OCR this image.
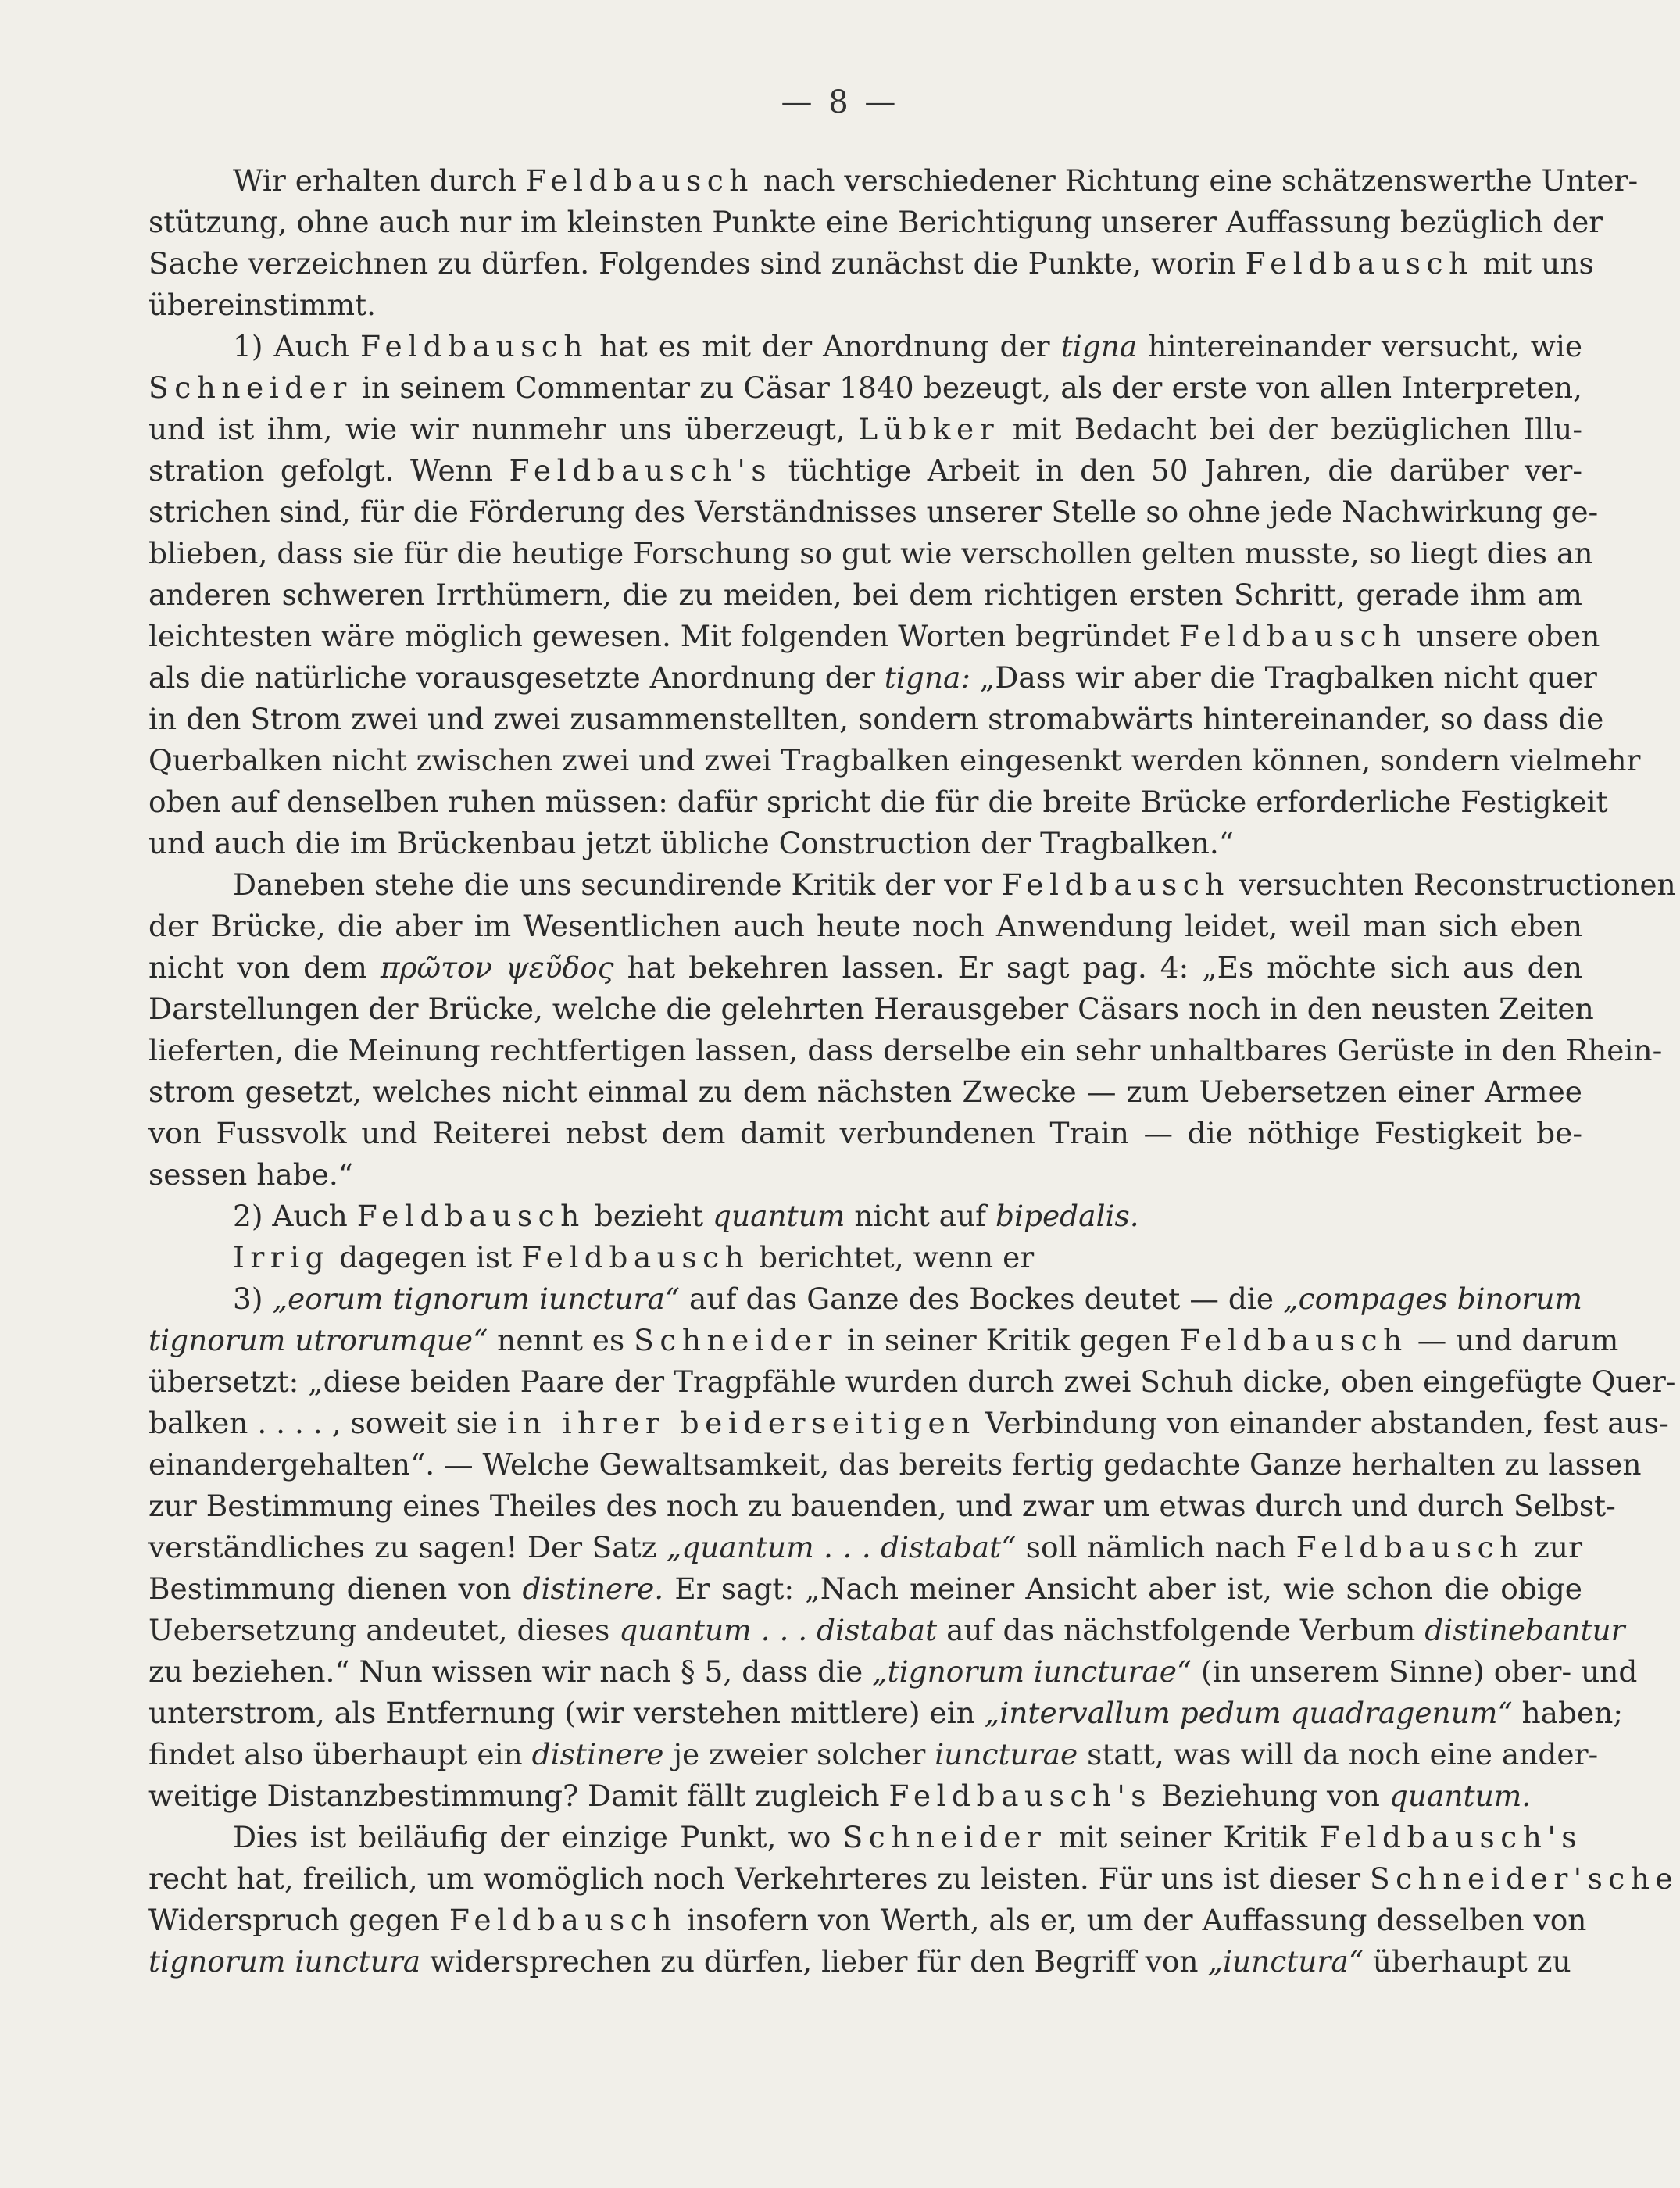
— 8 —
Wir erhalten durch Feldbausch nach verschiedener Richtung eine schätzenswerthe Unter-
stützung, ohne auch nur im kleinsten Punkte eine Berichtigung unserer Auffassung bezüglich der
Sache verzeichnen zu dürfen. Folgendes sind zunächst die Punkte, worin Feldbausch mit uns
übereinstimmt.
1) Auch Feldbausch hat es mit der Anordnung der tigna hintereinander versucht, wie
Schneider in seinem Commentar zu Cäsar 1840 bezeugt, als der erste von allen Interpreten,
und ist ihm, wie wir nunmehr uns überzeugt, Lübker mit Bedacht bei der bezüglichen Illu-
stration gefolgt. Wenn Feldbausch's tüchtige Arbeit in den 50 Jahren, die darüber ver-
strichen sind, für die Förderung des Verständnisses unserer Stelle so ohne jede Nachwirkung ge-
blieben, dass sie für die heutige Forschung so gut wie verschollen gelten musste, so liegt dies an
anderen schweren Irrthümern, die zu meiden, bei dem richtigen ersten Schritt, gerade ihm am
leichtesten wäre möglich gewesen. Mit folgenden Worten begründet Feldbausch unsere oben
als die natürliche vorausgesetzte Anordnung der tigna: „Dass wir aber die Tragbalken nicht quer
in den Strom zwei und zwei zusammenstellten, sondern stromabwärts hintereinander, so dass die
Querbalken nicht zwischen zwei und zwei Tragbalken eingesenkt werden können, sondern vielmehr
oben auf denselben ruhen müssen: dafür spricht die für die breite Brücke erforderliche Festigkeit
und auch die im Brückenbau jetzt übliche Construction der Tragbalken.“
Daneben stehe die uns secundirende Kritik der vor Feldbausch versuchten Reconstructionen
der Brücke, die aber im Wesentlichen auch heute noch Anwendung leidet, weil man sich eben
nicht von dem πρῶτον ψεῦδος hat bekehren lassen. Er sagt pag. 4: „Es möchte sich aus den
Darstellungen der Brücke, welche die gelehrten Herausgeber Cäsars noch in den neusten Zeiten
lieferten, die Meinung rechtfertigen lassen, dass derselbe ein sehr unhaltbares Gerüste in den Rhein-
strom gesetzt, welches nicht einmal zu dem nächsten Zwecke — zum Uebersetzen einer Armee
von Fussvolk und Reiterei nebst dem damit verbundenen Train — die nöthige Festigkeit be-
sessen habe.“
2) Auch Feldbausch bezieht quantum nicht auf bipedalis.
Irrig dagegen ist Feldbausch berichtet, wenn er
3) „eorum tignorum iunctura“ auf das Ganze des Bockes deutet — die „compages binorum
tignorum utrorumque“ nennt es Schneider in seiner Kritik gegen Feldbausch — und darum
übersetzt: „diese beiden Paare der Tragpfähle wurden durch zwei Schuh dicke, oben eingefügte Quer-
balken . . . . , soweit sie in ihrer beiderseitigen Verbindung von einander abstanden, fest aus-
einandergehalten“. — Welche Gewaltsamkeit, das bereits fertig gedachte Ganze herhalten zu lassen
zur Bestimmung eines Theiles des noch zu bauenden, und zwar um etwas durch und durch Selbst-
verständliches zu sagen! Der Satz „quantum . . . distabat“ soll nämlich nach Feldbausch zur
Bestimmung dienen von distinere. Er sagt: „Nach meiner Ansicht aber ist, wie schon die obige
Uebersetzung andeutet, dieses quantum . . . distabat auf das nächstfolgende Verbum distinebantur
zu beziehen.“ Nun wissen wir nach § 5, dass die „tignorum iuncturae“ (in unserem Sinne) ober- und
unterstrom, als Entfernung (wir verstehen mittlere) ein „intervallum pedum quadragenum“ haben;
findet also überhaupt ein distinere je zweier solcher iuncturae statt, was will da noch eine ander-
weitige Distanzbestimmung? Damit fällt zugleich Feldbausch's Beziehung von quantum.
Dies ist beiläufig der einzige Punkt, wo Schneider mit seiner Kritik Feldbausch's
recht hat, freilich, um womöglich noch Verkehrteres zu leisten. Für uns ist dieser Schneider'sche
Widerspruch gegen Feldbausch insofern von Werth, als er, um der Auffassung desselben von
tignorum iunctura widersprechen zu dürfen, lieber für den Begriff von „iunctura“ überhaupt zu
